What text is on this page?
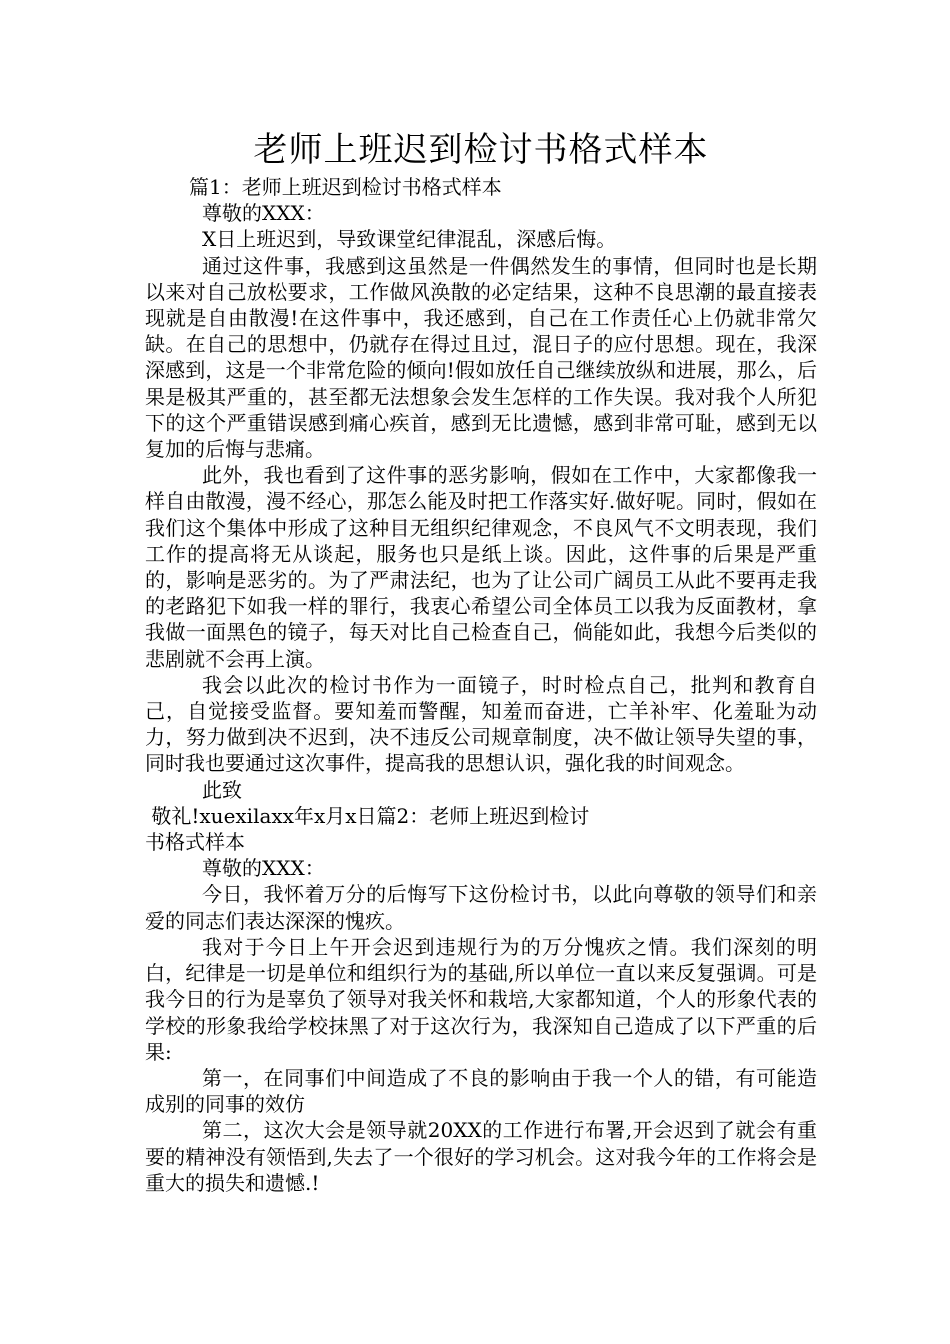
老师上班迟到检讨书格式样本

篇1：老师上班迟到检讨书格式样本

尊敬的XXX：

X日上班迟到，导致课堂纪律混乱，深感后悔。

通过这件事，我感到这虽然是一件偶然发生的事情，但同时也是长期以来对自己放松要求，工作做风涣散的必定结果，这种不良思潮的最直接表现就是自由散漫!在这件事中，我还感到，自己在工作责任心上仍就非常欠缺。在自己的思想中，仍就存在得过且过，混日子的应付思想。现在，我深深感到，这是一个非常危险的倾向!假如放任自己继续放纵和进展，那么，后果是极其严重的，甚至都无法想象会发生怎样的工作失误。我对我个人所犯下的这个严重错误感到痛心疾首，感到无比遗憾，感到非常可耻，感到无以复加的后悔与悲痛。

此外，我也看到了这件事的恶劣影响，假如在工作中，大家都像我一样自由散漫，漫不经心，那怎么能及时把工作落实好.做好呢。同时，假如在我们这个集体中形成了这种目无组织纪律观念，不良风气不文明表现，我们工作的提高将无从谈起，服务也只是纸上谈。因此，这件事的后果是严重的，影响是恶劣的。为了严肃法纪，也为了让公司广阔员工从此不要再走我的老路犯下如我一样的罪行，我衷心希望公司全体员工以我为反面教材，拿我做一面黑色的镜子，每天对比自己检查自己，倘能如此，我想今后类似的悲剧就不会再上演。

我会以此次的检讨书作为一面镜子，时时检点自己，批判和教育自己，自觉接受监督。要知羞而警醒，知羞而奋进，亡羊补牢、化羞耻为动力，努力做到决不迟到，决不违反公司规章制度，决不做让领导失望的事，同时我也要通过这次事件，提高我的思想认识，强化我的时间观念。

此致

敬礼!xuexilaxx年x月x日篇2：老师上班迟到检讨

书格式样本

尊敬的XXX：

今日，我怀着万分的后悔写下这份检讨书，以此向尊敬的领导们和亲爱的同志们表达深深的愧疚。

我对于今日上午开会迟到违规行为的万分愧疚之情。我们深刻的明白，纪律是一切是单位和组织行为的基础,所以单位一直以来反复强调。可是我今日的行为是辜负了领导对我关怀和栽培,大家都知道，个人的形象代表的学校的形象我给学校抹黑了对于这次行为，我深知自己造成了以下严重的后果:

第一，在同事们中间造成了不良的影响由于我一个人的错，有可能造成别的同事的效仿

第二，这次大会是领导就20XX的工作进行布署,开会迟到了就会有重要的精神没有领悟到,失去了一个很好的学习机会。这对我今年的工作将会是重大的损失和遗憾.!
